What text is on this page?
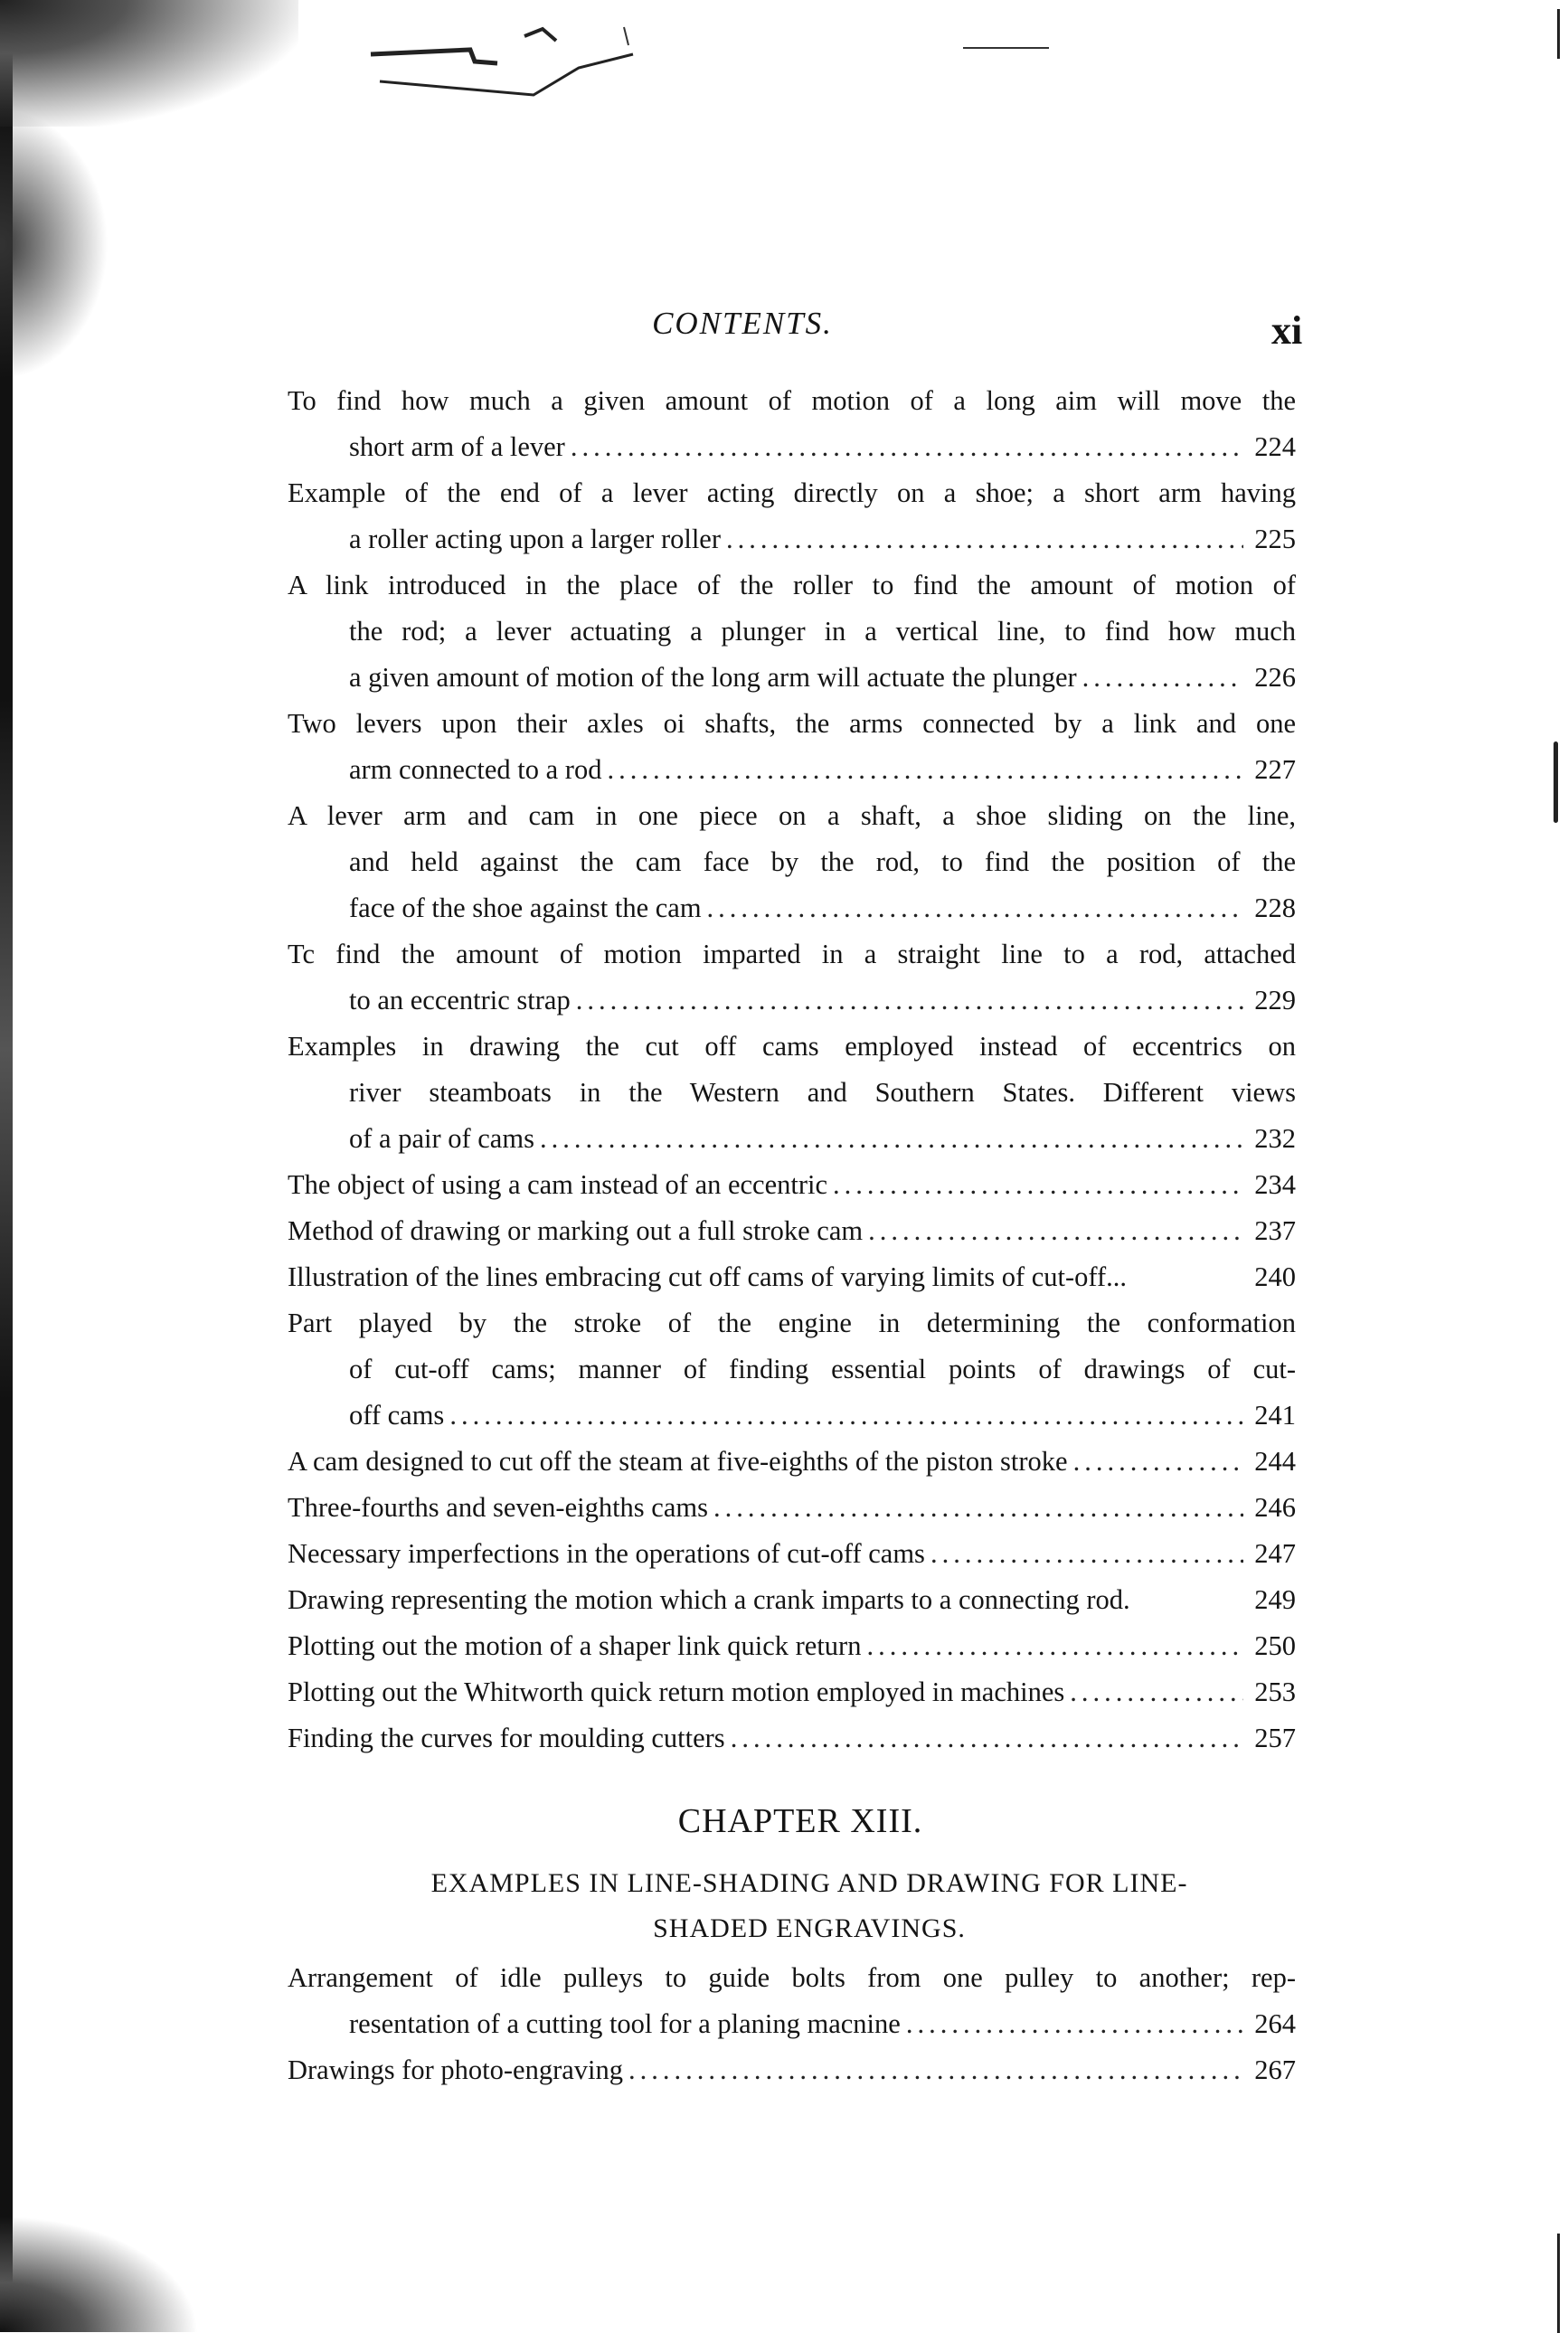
CONTENTS.	xi
To find how much a given amount of motion of a long aim will move the
short arm of a lever .....	224
Example of the end of a lever acting directly on a shoe; a short arm having
a roller acting upon a larger roller .....	225
A link introduced in the place of the roller to find the amount of motion of
the rod; a lever actuating a plunger in a vertical line, to find how much
a given amount of motion of the long arm will actuate the plunger .....	226
Two levers upon their axles oi shafts, the arms connected by a link and one
arm connected to a rod .....	227
A lever arm and cam in one piece on a shaft, a shoe sliding on the line,
and held against the cam face by the rod, to find the position of the
face of the shoe against the cam .....	228
Tc find the amount of motion imparted in a straight line to a rod, attached
to an eccentric strap .....	229
Examples in drawing the cut off cams employed instead of eccentrics on
river steamboats in the Western and Southern States. Different views
of a pair of cams .....	232
The object of using a cam instead of an eccentric .....	234
Method of drawing or marking out a full stroke cam .....	237
Illustration of the lines embracing cut off cams of varying limits of cut-off...	240
Part played by the stroke of the engine in determining the conformation
of cut-off cams; manner of finding essential points of drawings of cut-
off cams .....	241
A cam designed to cut off the steam at five-eighths of the piston stroke .....	244
Three-fourths and seven-eighths cams .....	246
Necessary imperfections in the operations of cut-off cams .....	247
Drawing representing the motion which a crank imparts to a connecting rod.	249
Plotting out the motion of a shaper link quick return .....	250
Plotting out the Whitworth quick return motion employed in machines .....	253
Finding the curves for moulding cutters .....	257
CHAPTER XIII.
EXAMPLES IN LINE-SHADING AND DRAWING FOR LINE-
SHADED ENGRAVINGS.
Arrangement of idle pulleys to guide bolts from one pulley to another; rep-
resentation of a cutting tool for a planing macnine .....	264
Drawings for photo-engraving .....	267
